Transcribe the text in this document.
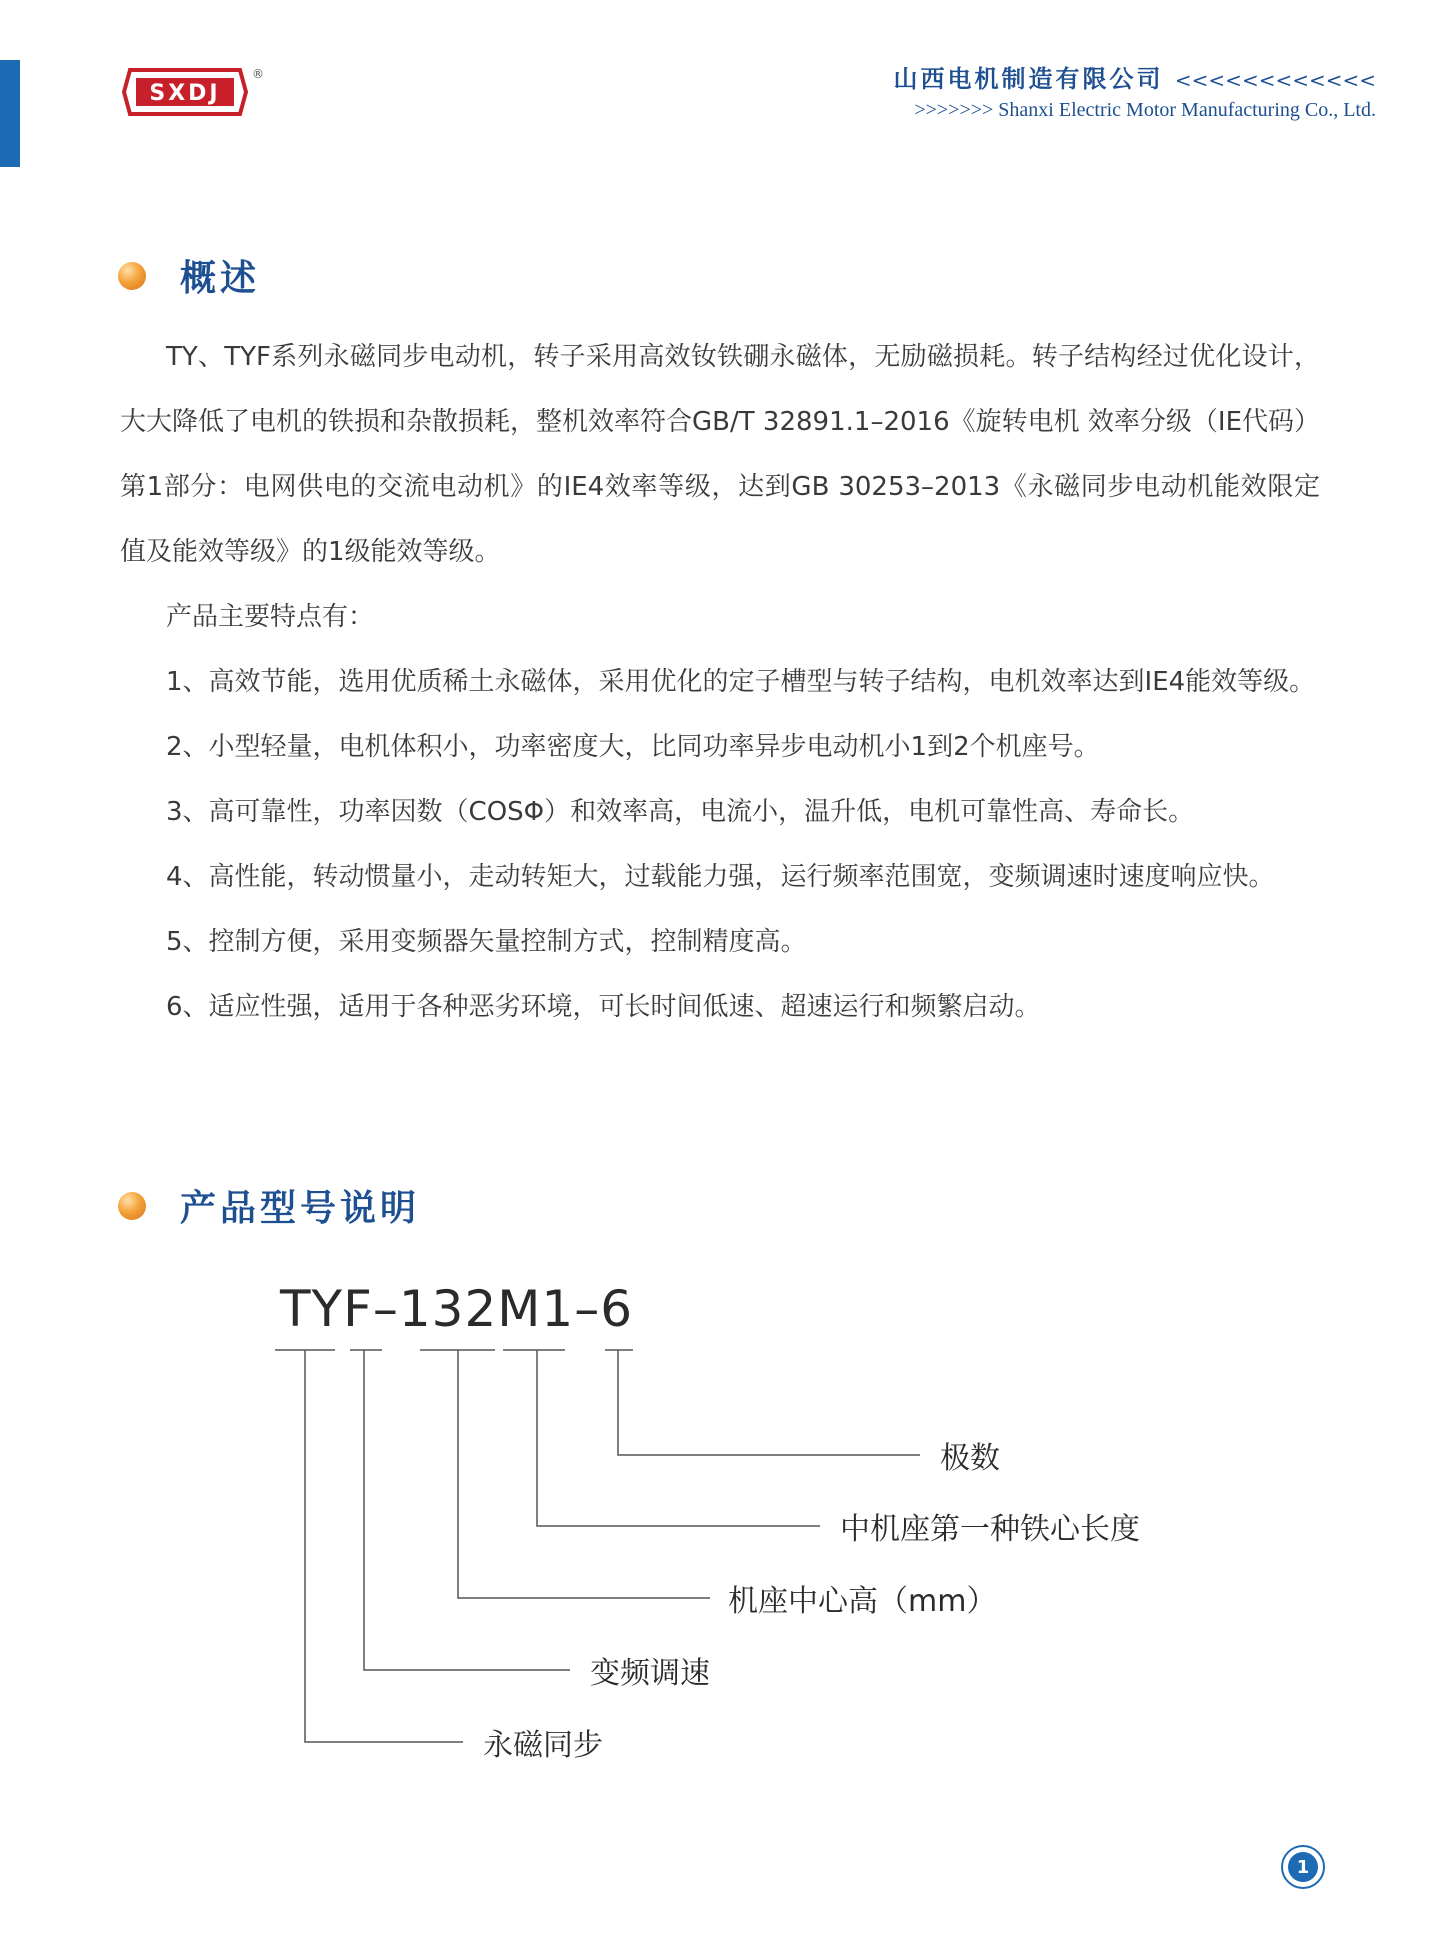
SXDJ
®	山西电机制造有限公司 <<<<<<<<<<<<
>>>>>>> Shanxi Electric Motor Manufacturing Co., Ltd.
概述

TY、TYF系列永磁同步电动机，转子采用高效钕铁硼永磁体，无励磁损耗。转子结构经过优化设计，大大降低了电机的铁损和杂散损耗，整机效率符合GB/T 32891.1–2016《旋转电机 效率分级（IE代码）第1部分：电网供电的交流电动机》的IE4效率等级，达到GB 30253–2013《永磁同步电动机能效限定值及能效等级》的1级能效等级。

产品主要特点有：

1、高效节能，选用优质稀土永磁体，采用优化的定子槽型与转子结构，电机效率达到IE4能效等级。

2、小型轻量，电机体积小，功率密度大，比同功率异步电动机小1到2个机座号。

3、高可靠性，功率因数（COSΦ）和效率高，电流小，温升低，电机可靠性高、寿命长。

4、高性能，转动惯量小，走动转矩大，过载能力强，运行频率范围宽，变频调速时速度响应快。

5、控制方便，采用变频器矢量控制方式，控制精度高。

6、适应性强，适用于各种恶劣环境，可长时间低速、超速运行和频繁启动。

产品型号说明
TYF–132M1–6
极数
中机座第一种铁心长度
机座中心高（mm）
变频调速
永磁同步
1
